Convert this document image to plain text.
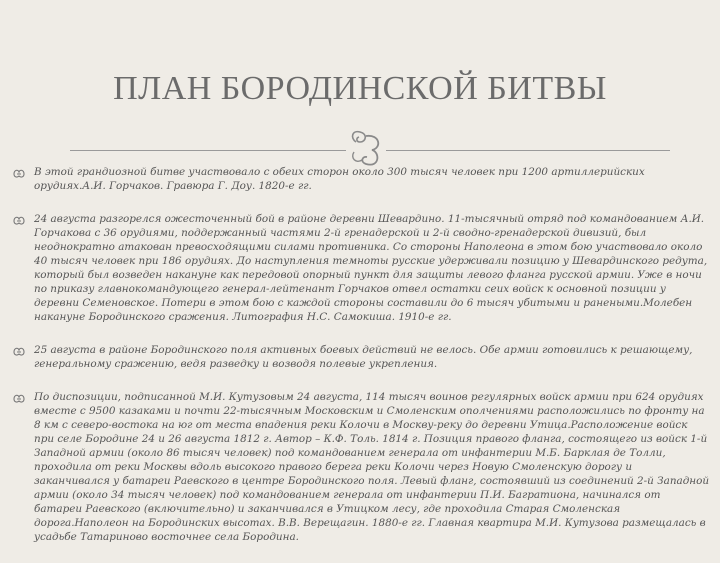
ПЛАН БОРОДИНСКОЙ БИТВЫ
В этой грандиозной битве участвовало с обеих сторон около 300 тысяч человек при 1200 артиллерийских орудиях.А.И. Горчаков. Гравюра Г. Доу. 1820-е гг.
24 августа разгорелся ожесточенный бой в районе деревни Шевардино. 11-тысячный отряд под командованием А.И. Горчакова с 36 орудиями, поддержанный частями 2-й гренадерской и 2-й сводно-гренадерской дивизий, был неоднократно атакован превосходящими силами противника. Со стороны Наполеона в этом бою участвовало около 40 тысяч человек при 186 орудиях. До наступления темноты русские удерживали позицию у Шевардинского редута, который был возведен накануне как передовой опорный пункт для защиты левого фланга русской армии. Уже в ночи по приказу главнокомандующего генерал-лейтенант Горчаков отвел остатки сеих войск к основной позиции у деревни Семеновское. Потери в этом бою с каждой стороны составили до 6 тысяч убитыми и ранеными.Молебен накануне Бородинского сражения. Литография Н.С. Самокиша. 1910-е гг.
25 августа в районе Бородинского поля активных боевых действий не велось. Обе армии готовились к решающему, генеральному сражению, ведя разведку и возводя полевые укрепления.
По диспозиции, подписанной М.И. Кутузовым 24 августа, 114 тысяч воинов регулярных войск армии при 624 орудиях вместе с 9500 казаками и почти 22-тысячным Московским и Смоленским ополчениями расположились по фронту на 8 км с северо-востока на юг от места впадения реки Колочи в Москву-реку до деревни Утица.Расположение войск при селе Бородине 24 и 26 августа 1812 г. Автор – К.Ф. Толь. 1814 г. Позиция правого фланга, состоящего из войск 1-й Западной армии (около 86 тысяч человек) под командованием генерала от инфантерии М.Б. Барклая де Толли, проходила от реки Москвы вдоль высокого правого берега реки Колочи через Новую Смоленскую дорогу и заканчивался у батареи Раевского в центре Бородинского поля. Левый фланг, состоявший из соединений 2-й Западной армии (около 34 тысяч человек) под командованием генерала от инфантерии П.И. Багратиона, начинался от батареи Раевского (включительно) и заканчивался в Утицком лесу, где проходила Старая Смоленская дорога.Наполеон на Бородинских высотах. В.В. Верещагин. 1880-е гг. Главная квартира М.И. Кутузова размещалась в усадьбе Татариново восточнее села Бородина.
